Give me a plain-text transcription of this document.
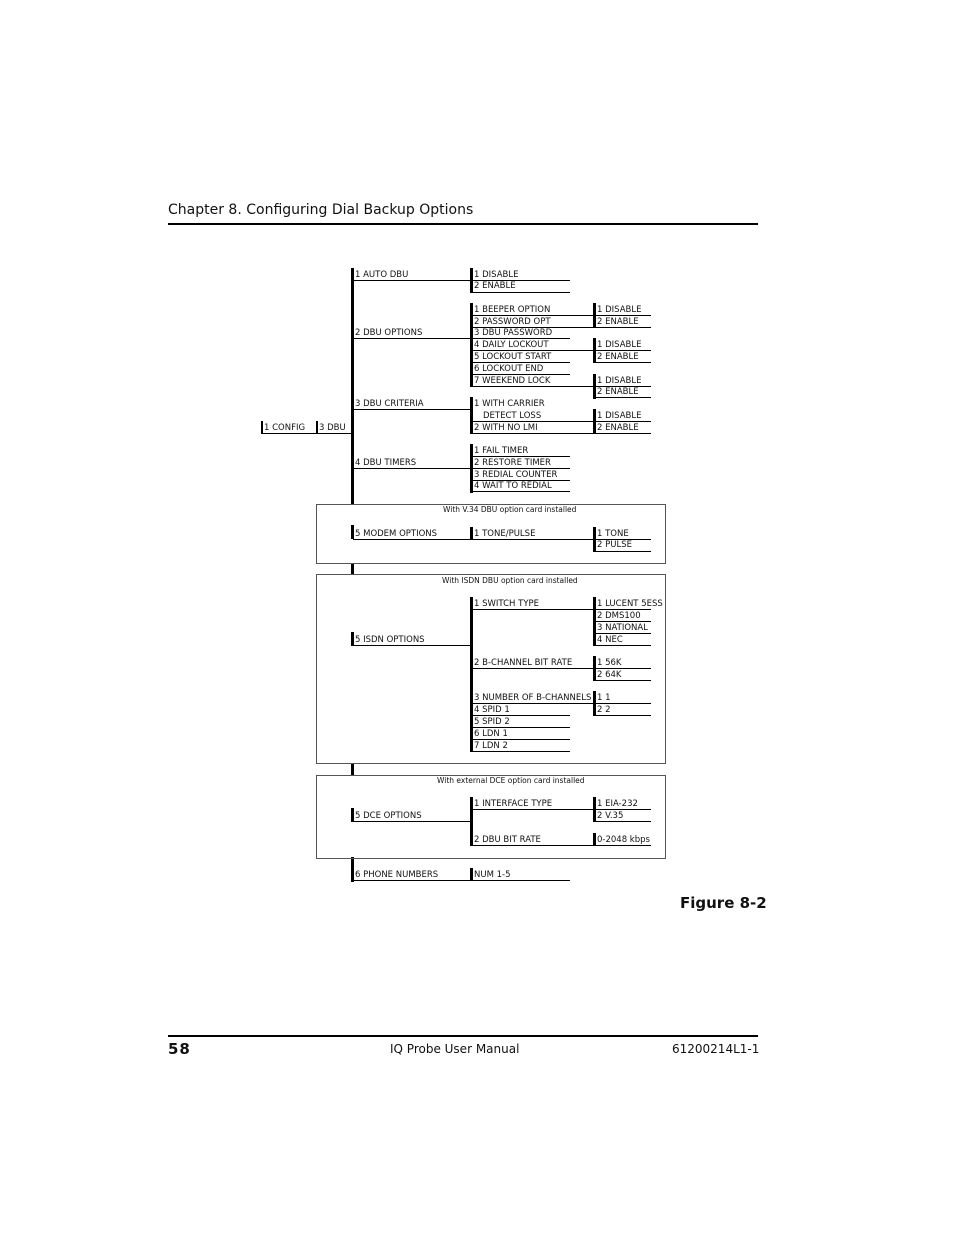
Chapter 8. Configuring Dial Backup Options
1 CONFIG 3 DBU
1 AUTO DBU	1 DISABLE
2 ENABLE
2 DBU OPTIONS
1 BEEPER OPTION
2 PASSWORD OPT
3 DBU PASSWORD
4 DAILY LOCKOUT
5 LOCKOUT START
6 LOCKOUT END
7 WEEKEND LOCK
1 DISABLE
2 ENABLE
1 DISABLE
2 ENABLE
1 DISABLE
2 ENABLE
3 DBU CRITERIA	1 WITH CARRIER
DETECT LOSS
2 WITH NO LMI
1 DISABLE
2 ENABLE
4 DBU TIMERS
1 FAIL TIMER
2 RESTORE TIMER
3 REDIAL COUNTER
4 WAIT TO REDIAL
With V.34 DBU option card installed
5 MODEM OPTIONS	1 TONE/PULSE	1 TONE
2 PULSE
With ISDN DBU option card installed
5 ISDN OPTIONS
1 SWITCH TYPE
2 B-CHANNEL BIT RATE
3 NUMBER OF B-CHANNELS
4 SPID 1
5 SPID 2
6 LDN 1
7 LDN 2
1 LUCENT 5ESS
2 DMS100
3 NATIONAL
4 NEC
1 56K
2 64K
1 1
2 2
With external DCE option card installed
5 DCE OPTIONS
1 INTERFACE TYPE
2 DBU BIT RATE
1 EIA-232
2 V.35
0-2048 kbps
6 PHONE NUMBERS	NUM 1-5
Figure 8-2
58	IQ Probe User Manual	61200214L1-1
